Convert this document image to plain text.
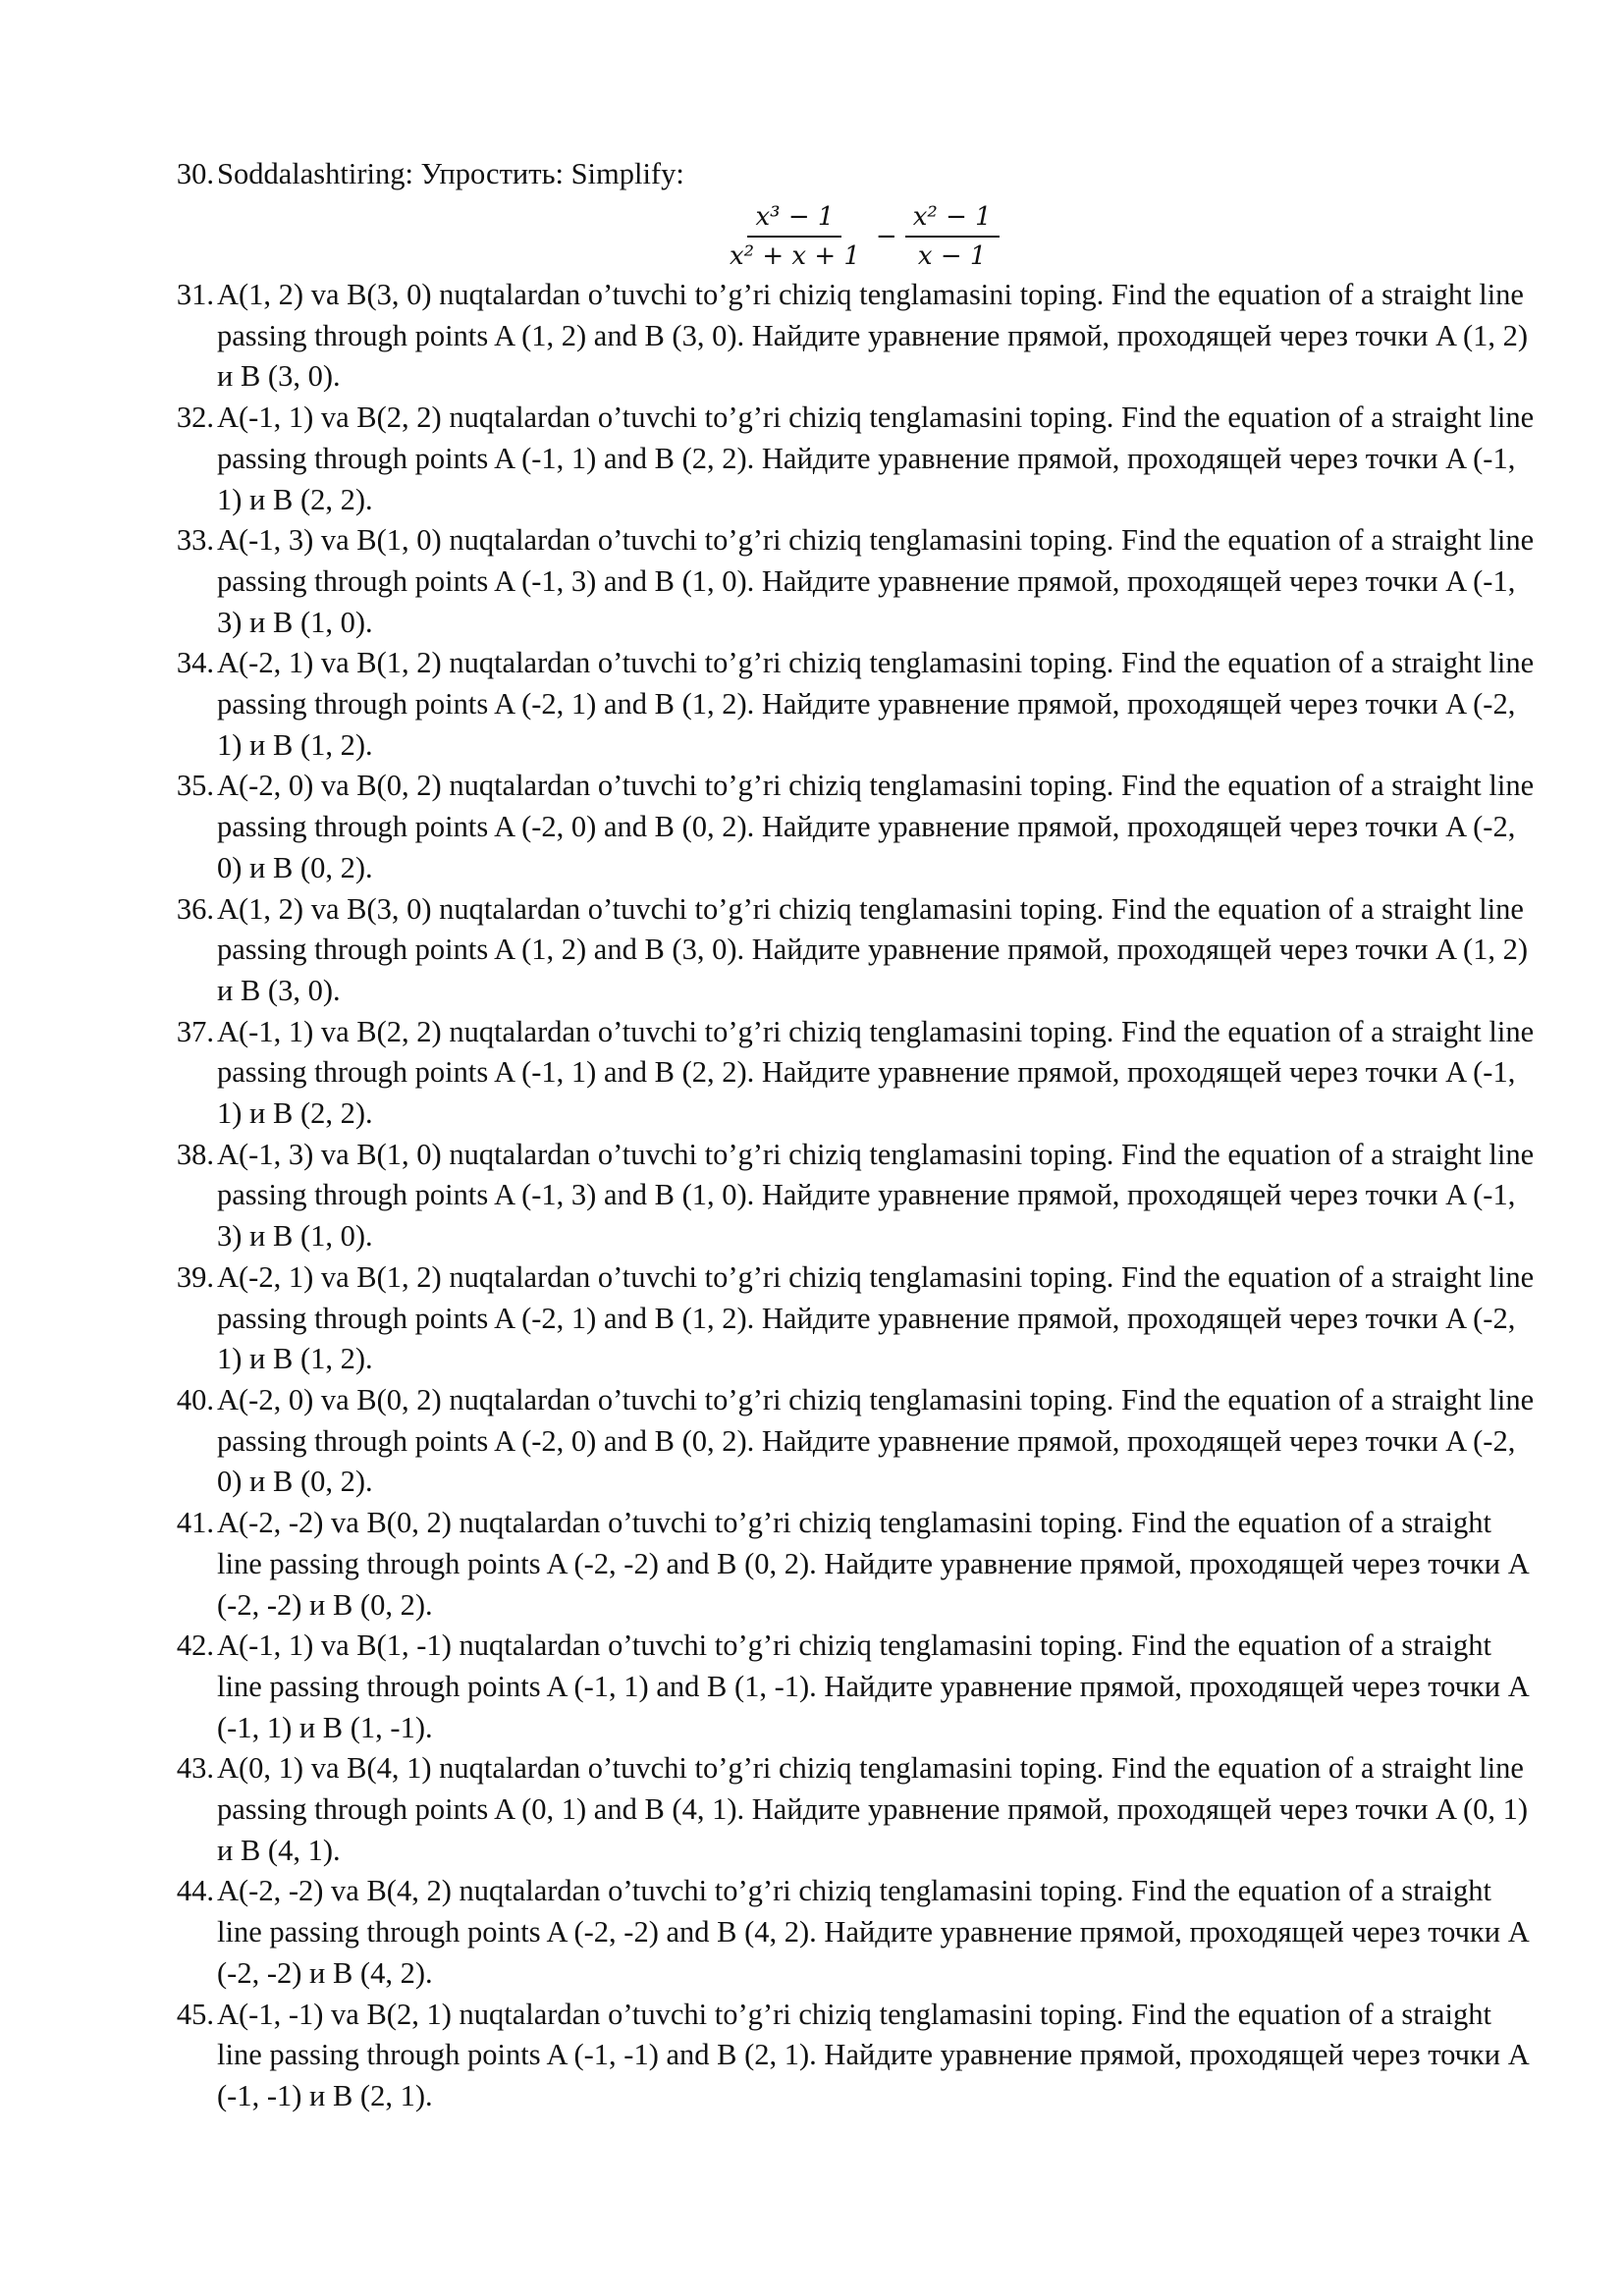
30.Soddalashtiring: Упростить: Simplify:
$\frac{\text{x³ − 1}}{\text{x² + x + 1}} - \frac{\text{x² − 1}}{x - 1}$
31. A(1, 2) va B(3, 0) nuqtalardan o’tuvchi to’g’ri chiziq tenglamasini toping. Find the equation of a straight line passing through points A (1, 2) and B (3, 0). Найдите уравнение прямой, проходящей через точки A (1, 2) и B (3, 0).
32. A(-1, 1) va B(2, 2) nuqtalardan o’tuvchi to’g’ri chiziq tenglamasini toping. Find the equation of a straight line passing through points A (-1, 1) and B (2, 2). Найдите уравнение прямой, проходящей через точки A (-1, 1) и B (2, 2).
33. A(-1, 3) va B(1, 0) nuqtalardan o’tuvchi to’g’ri chiziq tenglamasini toping. Find the equation of a straight line passing through points A (-1, 3) and B (1, 0). Найдите уравнение прямой, проходящей через точки A (-1, 3) и B (1, 0).
34. A(-2, 1) va B(1, 2) nuqtalardan o’tuvchi to’g’ri chiziq tenglamasini toping. Find the equation of a straight line passing through points A (-2, 1) and B (1, 2). Найдите уравнение прямой, проходящей через точки A (-2, 1) и B (1, 2).
35. A(-2, 0) va B(0, 2) nuqtalardan o’tuvchi to’g’ri chiziq tenglamasini toping. Find the equation of a straight line passing through points A (-2, 0) and B (0, 2). Найдите уравнение прямой, проходящей через точки A (-2, 0) и B (0, 2).
36. A(1, 2) va B(3, 0) nuqtalardan o’tuvchi to’g’ri chiziq tenglamasini toping. Find the equation of a straight line passing through points A (1, 2) and B (3, 0). Найдите уравнение прямой, проходящей через точки A (1, 2) и B (3, 0).
37. A(-1, 1) va B(2, 2) nuqtalardan o’tuvchi to’g’ri chiziq tenglamasini toping. Find the equation of a straight line passing through points A (-1, 1) and B (2, 2). Найдите уравнение прямой, проходящей через точки A (-1, 1) и B (2, 2).
38. A(-1, 3) va B(1, 0) nuqtalardan o’tuvchi to’g’ri chiziq tenglamasini toping. Find the equation of a straight line passing through points A (-1, 3) and B (1, 0). Найдите уравнение прямой, проходящей через точки A (-1, 3) и B (1, 0).
39. A(-2, 1) va B(1, 2) nuqtalardan o’tuvchi to’g’ri chiziq tenglamasini toping. Find the equation of a straight line passing through points A (-2, 1) and B (1, 2). Найдите уравнение прямой, проходящей через точки A (-2, 1) и B (1, 2).
40. A(-2, 0) va B(0, 2) nuqtalardan o’tuvchi to’g’ri chiziq tenglamasini toping. Find the equation of a straight line passing through points A (-2, 0) and B (0, 2). Найдите уравнение прямой, проходящей через точки A (-2, 0) и B (0, 2).
41. A(-2, -2) va B(0, 2) nuqtalardan o’tuvchi to’g’ri chiziq tenglamasini toping. Find the equation of a straight line passing through points A (-2, -2) and B (0, 2). Найдите уравнение прямой, проходящей через точки A (-2, -2) и B (0, 2).
42. A(-1, 1) va B(1, -1) nuqtalardan o’tuvchi to’g’ri chiziq tenglamasini toping. Find the equation of a straight line passing through points A (-1, 1) and B (1, -1). Найдите уравнение прямой, проходящей через точки A (-1, 1) и B (1, -1).
43. A(0, 1) va B(4, 1) nuqtalardan o’tuvchi to’g’ri chiziq tenglamasini toping. Find the equation of a straight line passing through points A (0, 1) and B (4, 1). Найдите уравнение прямой, проходящей через точки A (0, 1) и B (4, 1).
44. A(-2, -2) va B(4, 2) nuqtalardan o’tuvchi to’g’ri chiziq tenglamasini toping. Find the equation of a straight line passing through points A (-2, -2) and B (4, 2). Найдите уравнение прямой, проходящей через точки A (-2, -2) и B (4, 2).
45. A(-1, -1) va B(2, 1) nuqtalardan o’tuvchi to’g’ri chiziq tenglamasini toping. Find the equation of a straight line passing through points A (-1, -1) and B (2, 1). Найдите уравнение прямой, проходящей через точки A (-1, -1) и B (2, 1).
